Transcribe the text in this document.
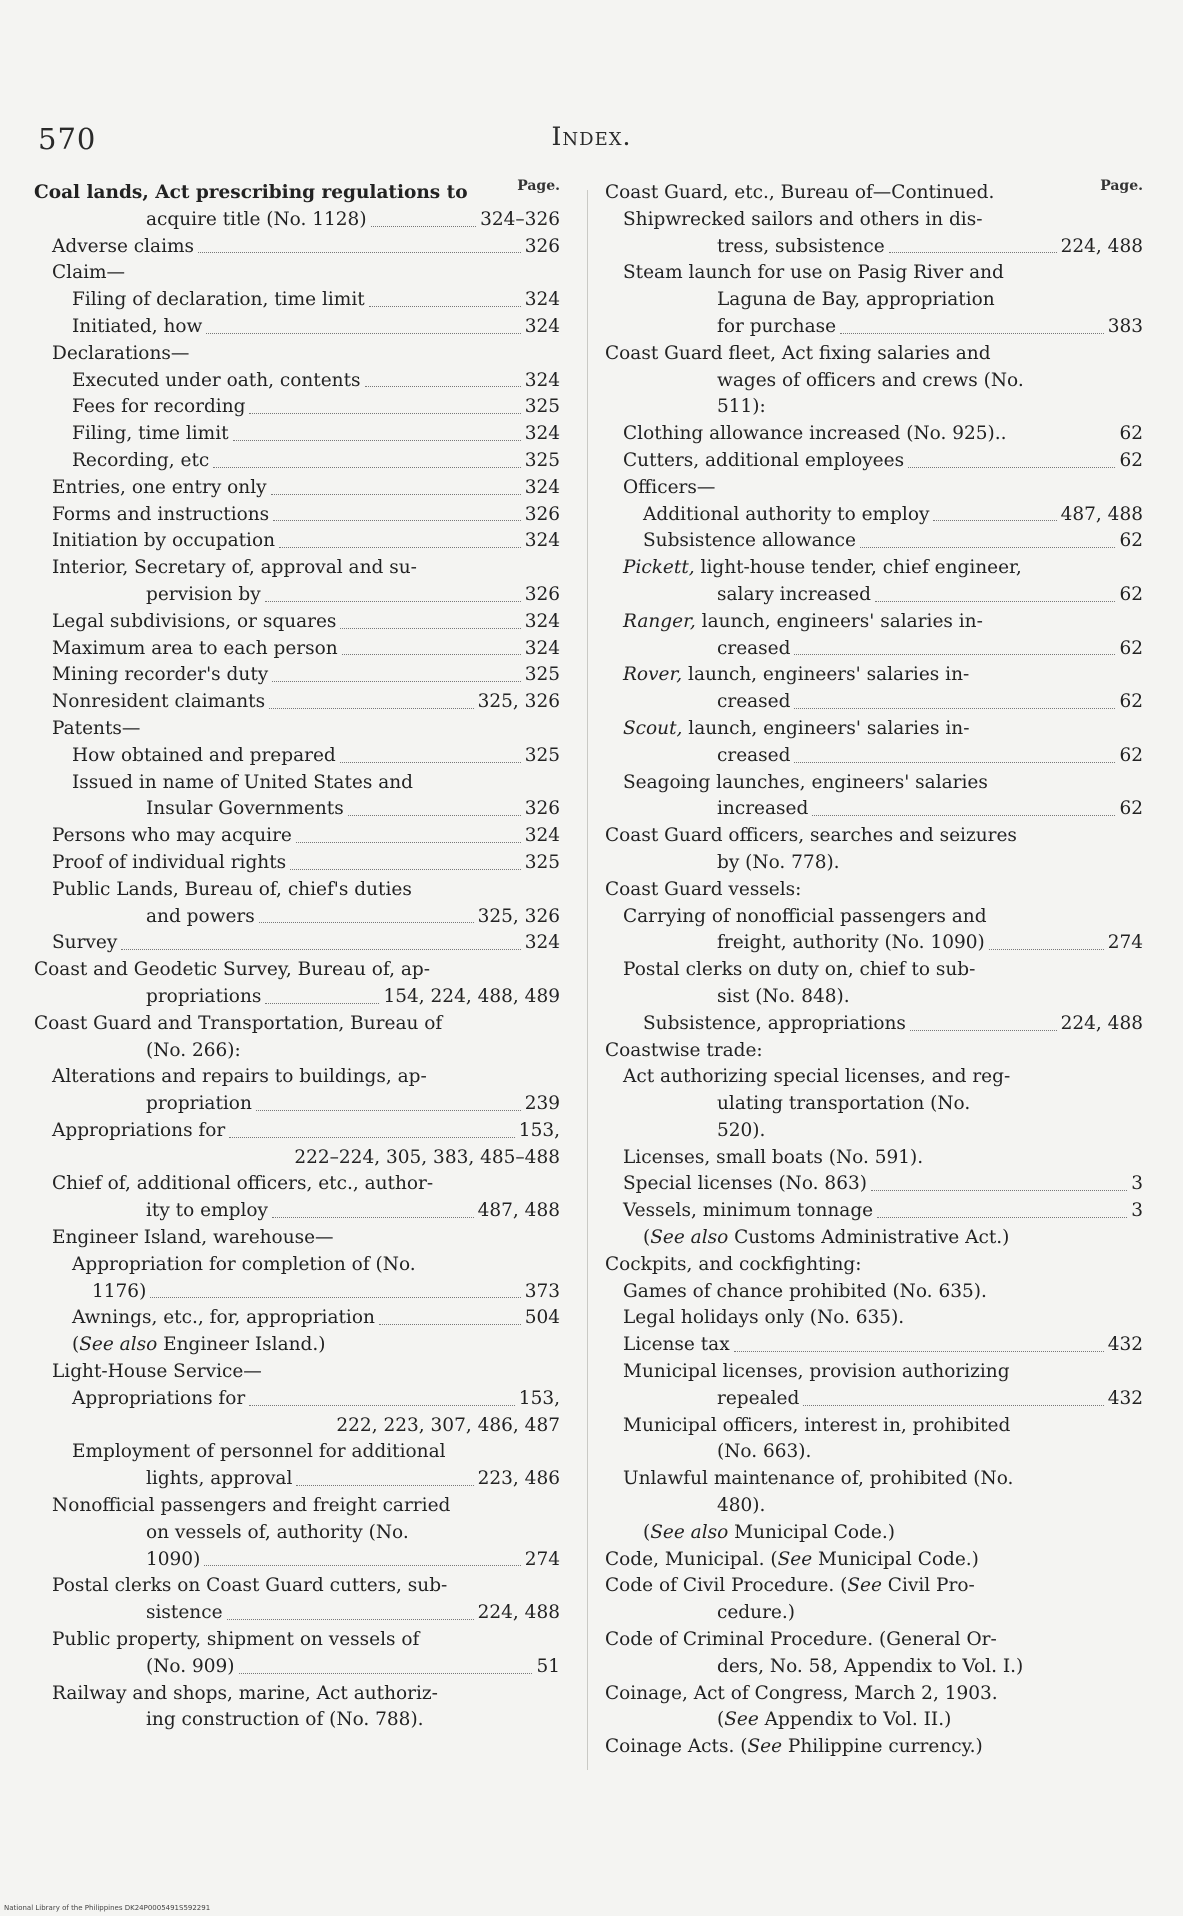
570	Index.
Page.
Coal lands, Act prescribing regulations to
acquire title (No. 1128)	324–326
Adverse claims	326
Claim—
Filing of declaration, time limit	324
Initiated, how	324
Declarations—
Executed under oath, contents	324
Fees for recording	325
Filing, time limit	324
Recording, etc	325
Entries, one entry only	324
Forms and instructions	326
Initiation by occupation	324
Interior, Secretary of, approval and su-
pervision by	326
Legal subdivisions, or squares	324
Maximum area to each person	324
Mining recorder's duty	325
Nonresident claimants	325, 326
Patents—
How obtained and prepared	325
Issued in name of United States and
Insular Governments	326
Persons who may acquire	324
Proof of individual rights	325
Public Lands, Bureau of, chief's duties
and powers	325, 326
Survey	324
Coast and Geodetic Survey, Bureau of, ap-
propriations	154, 224, 488, 489
Coast Guard and Transportation, Bureau of
(No. 266):
Alterations and repairs to buildings, ap-
propriation	239
Appropriations for	153,
222–224, 305, 383, 485–488
Chief of, additional officers, etc., author-
ity to employ	487, 488
Engineer Island, warehouse—
Appropriation for completion of (No.
1176)	373
Awnings, etc., for, appropriation	504
(See also Engineer Island.)
Light-House Service—
Appropriations for	153,
222, 223, 307, 486, 487
Employment of personnel for additional
lights, approval	223, 486
Nonofficial passengers and freight carried
on vessels of, authority (No.
1090)	274
Postal clerks on Coast Guard cutters, sub-
sistence	224, 488
Public property, shipment on vessels of
(No. 909)	51
Railway and shops, marine, Act authoriz-
ing construction of (No. 788).
Page.
Coast Guard, etc., Bureau of—Continued.
Shipwrecked sailors and others in dis-
tress, subsistence	224, 488
Steam launch for use on Pasig River and
Laguna de Bay, appropriation
for purchase	383
Coast Guard fleet, Act fixing salaries and
wages of officers and crews (No.
511):
Clothing allowance increased (No. 925)..	62
Cutters, additional employees	62
Officers—
Additional authority to employ	487, 488
Subsistence allowance	62
Pickett, light-house tender, chief engineer,
salary increased	62
Ranger, launch, engineers' salaries in-
creased	62
Rover, launch, engineers' salaries in-
creased	62
Scout, launch, engineers' salaries in-
creased	62
Seagoing launches, engineers' salaries
increased	62
Coast Guard officers, searches and seizures
by (No. 778).
Coast Guard vessels:
Carrying of nonofficial passengers and
freight, authority (No. 1090)	274
Postal clerks on duty on, chief to sub-
sist (No. 848).
Subsistence, appropriations	224, 488
Coastwise trade:
Act authorizing special licenses, and reg-
ulating transportation (No.
520).
Licenses, small boats (No. 591).
Special licenses (No. 863)	3
Vessels, minimum tonnage	3
(See also Customs Administrative Act.)
Cockpits, and cockfighting:
Games of chance prohibited (No. 635).
Legal holidays only (No. 635).
License tax	432
Municipal licenses, provision authorizing
repealed	432
Municipal officers, interest in, prohibited
(No. 663).
Unlawful maintenance of, prohibited (No.
480).
(See also Municipal Code.)
Code, Municipal. (See Municipal Code.)
Code of Civil Procedure. (See Civil Pro-
cedure.)
Code of Criminal Procedure. (General Or-
ders, No. 58, Appendix to Vol. I.)
Coinage, Act of Congress, March 2, 1903.
(See Appendix to Vol. II.)
Coinage Acts. (See Philippine currency.)
National Library of the Philippines DK24P0005491S592291
